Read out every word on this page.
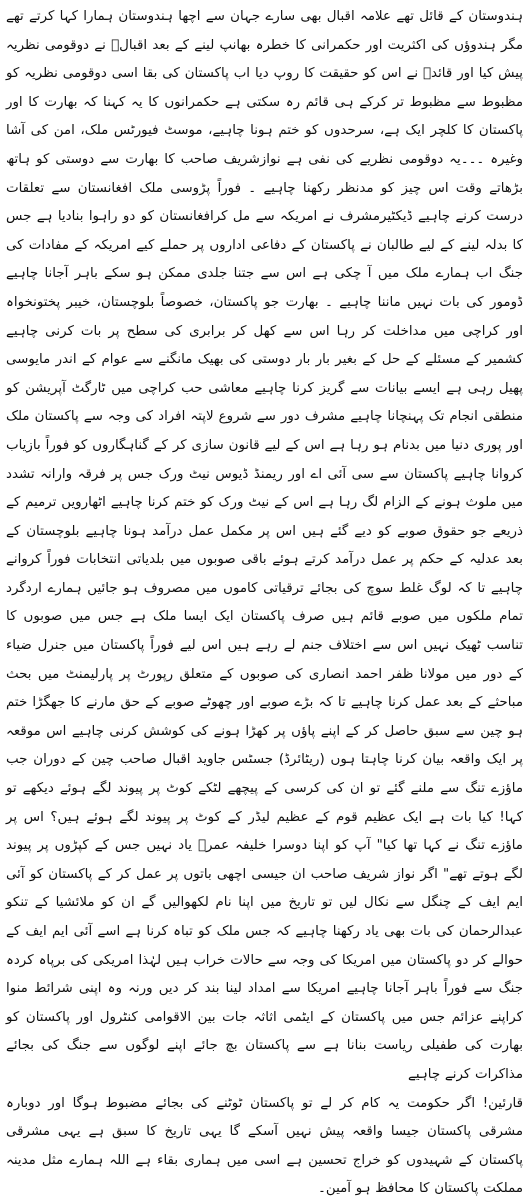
ہندوستان کے قائل تھے علامہ اقبال بھی سارے جہان سے اچھا ہندوستان ہمارا کہا کرتے تھے مگر ہندوؤں کی اکثریت اور حکمرانی کا خطرہ بھانپ لینے کے بعد اقبالؒ نے دوقومی نظریہ پیش کیا اور قائدؒ نے اس کو حقیقت کا روپ دیا اب پاکستان کی بقا اسی دوقومی نظریہ کو مظبوط سے مظبوط تر کرکے ہی قائم رہ سکتی ہے حکمرانوں کا یہ کہنا کہ بھارت کا اور پاکستان کا کلچر ایک ہے، سرحدوں کو ختم ہونا چاہیے، موسٹ فیورٹس ملک، امن کی آشا وغیرہ ۔۔۔یہ دوقومی نظریے کی نفی ہے نوازشریف صاحب کا بھارت سے دوستی کو ہاتھ بڑھاتے وقت اس چیز کو مدنظر رکھنا چاہیے ۔ فوراً پڑوسی ملک افغانستان سے تعلقات درست کرنے چاہیے ڈیکٹیرمشرف نے امریکہ سے مل کرافغانستان کو دو راہوا بنادیا ہے جس کا بدلہ لینے کے لیے طالبان نے پاکستان کے دفاعی اداروں پر حملے کیے امریکہ کے مفادات کی جنگ اب ہمارے ملک میں آ چکی ہے اس سے جتنا جلدی ممکن ہو سکے باہر آجانا چاہیے ڈومور کی بات نہیں ماننا چاہیے ۔ بھارت جو پاکستان، خصوصاً بلوچستان، خیبر پختونخواہ اور کراچی میں مداخلت کر رہا اس سے کھل کر برابری کی سطح پر بات کرنی چاہیے کشمیر کے مسئلے کے حل کے بغیر بار بار دوستی کی بھیک مانگنے سے عوام کے اندر مایوسی پھیل رہی ہے ایسے بیانات سے گریز کرنا چاہیے معاشی حب کراچی میں ٹارگٹ آپریشن کو منطقی انجام تک پہنچانا چاہیے مشرف دور سے شروع لاپتہ افراد کی وجہ سے پاکستان ملک اور پوری دنیا میں بدنام ہو رہا ہے اس کے لیے قانون سازی کر کے گناہگاروں کو فوراً بازیاب کروانا چاہیے پاکستان سے سی آئی اے اور ریمنڈ ڈیوس نیٹ ورک جس پر فرقہ وارانہ تشدد میں ملوث ہونے کے الزام لگ رہا ہے اس کے نیٹ ورک کو ختم کرنا چاہیے اٹھارویں ترمیم کے ذریعے جو حقوق صوبے کو دیے گئے ہیں اس پر مکمل عمل درآمد ہونا چاہیے بلوچستان کے بعد عدلیہ کے حکم پر عمل درآمد کرتے ہوئے باقی صوبوں میں بلدیاتی انتخابات فوراً کروانے چاہیے تا کہ لوگ غلط سوچ کی بجائے ترقیاتی کاموں میں مصروف ہو جائیں ہمارے اردگرد تمام ملکوں میں صوبے قائم ہیں صرف پاکستان ایک ایسا ملک ہے جس میں صوبوں کا تناسب ٹھیک نہیں اس سے اختلاف جنم لے رہے ہیں اس لیے فوراً پاکستان میں جنرل ضیاء کے دور میں مولانا ظفر احمد انصاری کی صوبوں کے متعلق رپورٹ پر پارلیمنٹ میں بحث مباحثے کے بعد عمل کرنا چاہیے تا کہ بڑے صوبے اور چھوٹے صوبے کے حق مارنے کا جھگڑا ختم ہو چین سے سبق حاصل کر کے اپنے پاؤں پر کھڑا ہونے کی کوشش کرنی چاہیے اس موقعہ پر ایک واقعہ بیان کرنا چاہتا ہوں (ریٹائرڈ) جسٹس جاوید اقبال صاحب چین کے دوران جب ماؤزے تنگ سے ملنے گئے تو ان کی کرسی کے پیچھے لٹکے کوٹ پر پیوند لگے ہوئے دیکھے تو کہا! کیا بات ہے ایک عظیم قوم کے عظیم لیڈر کے کوٹ پر پیوند لگے ہوئے ہیں؟ اس پر ماؤزے تنگ نے کہا تھا کیا" آپ کو اپنا دوسرا خلیفہ عمرؓ یاد نہیں جس کے کپڑوں پر پیوند لگے ہوتے تھے" اگر نواز شریف صاحب ان جیسی اچھی باتوں پر عمل کر کے پاکستان کو آئی ایم ایف کے چنگل سے نکال لیں تو تاریخ میں اپنا نام لکھوالیں گے ان کو ملائشیا کے تنکو عبدالرحمان کی بات بھی یاد رکھنا چاہیے کہ جس ملک کو تباہ کرنا ہے اسے آئی ایم ایف کے حوالے کر دو پاکستان میں امریکا کی وجہ سے حالات خراب ہیں لہٰذا امریکی کی برپاہ کردہ جنگ سے فوراً باہر آجانا چاہیے امریکا سے امداد لینا بند کر دیں ورنہ وہ اپنی شرائط منوا کراپنے عزائم جس میں پاکستان کے ایٹمی اثاثہ جات بین الاقوامی کنٹرول اور پاکستان کو بھارت کی طفیلی ریاست بنانا ہے سے پاکستان بچ جائے اپنے لوگوں سے جنگ کی بجائے مذاکرات کرنے چاہیے

قارئین! اگر حکومت یہ کام کر لے تو پاکستان ٹوٹنے کی بجائے مضبوط ہوگا اور دوبارہ مشرقی پاکستان جیسا واقعہ پیش نہیں آسکے گا یہی تاریخ کا سبق ہے یہی مشرقی پاکستان کے شہیدوں کو خراج تحسین ہے اسی میں ہماری بقاء ہے اللہ ہمارے مثل مدینہ مملکت پاکستان کا محافظ ہو آمین۔
